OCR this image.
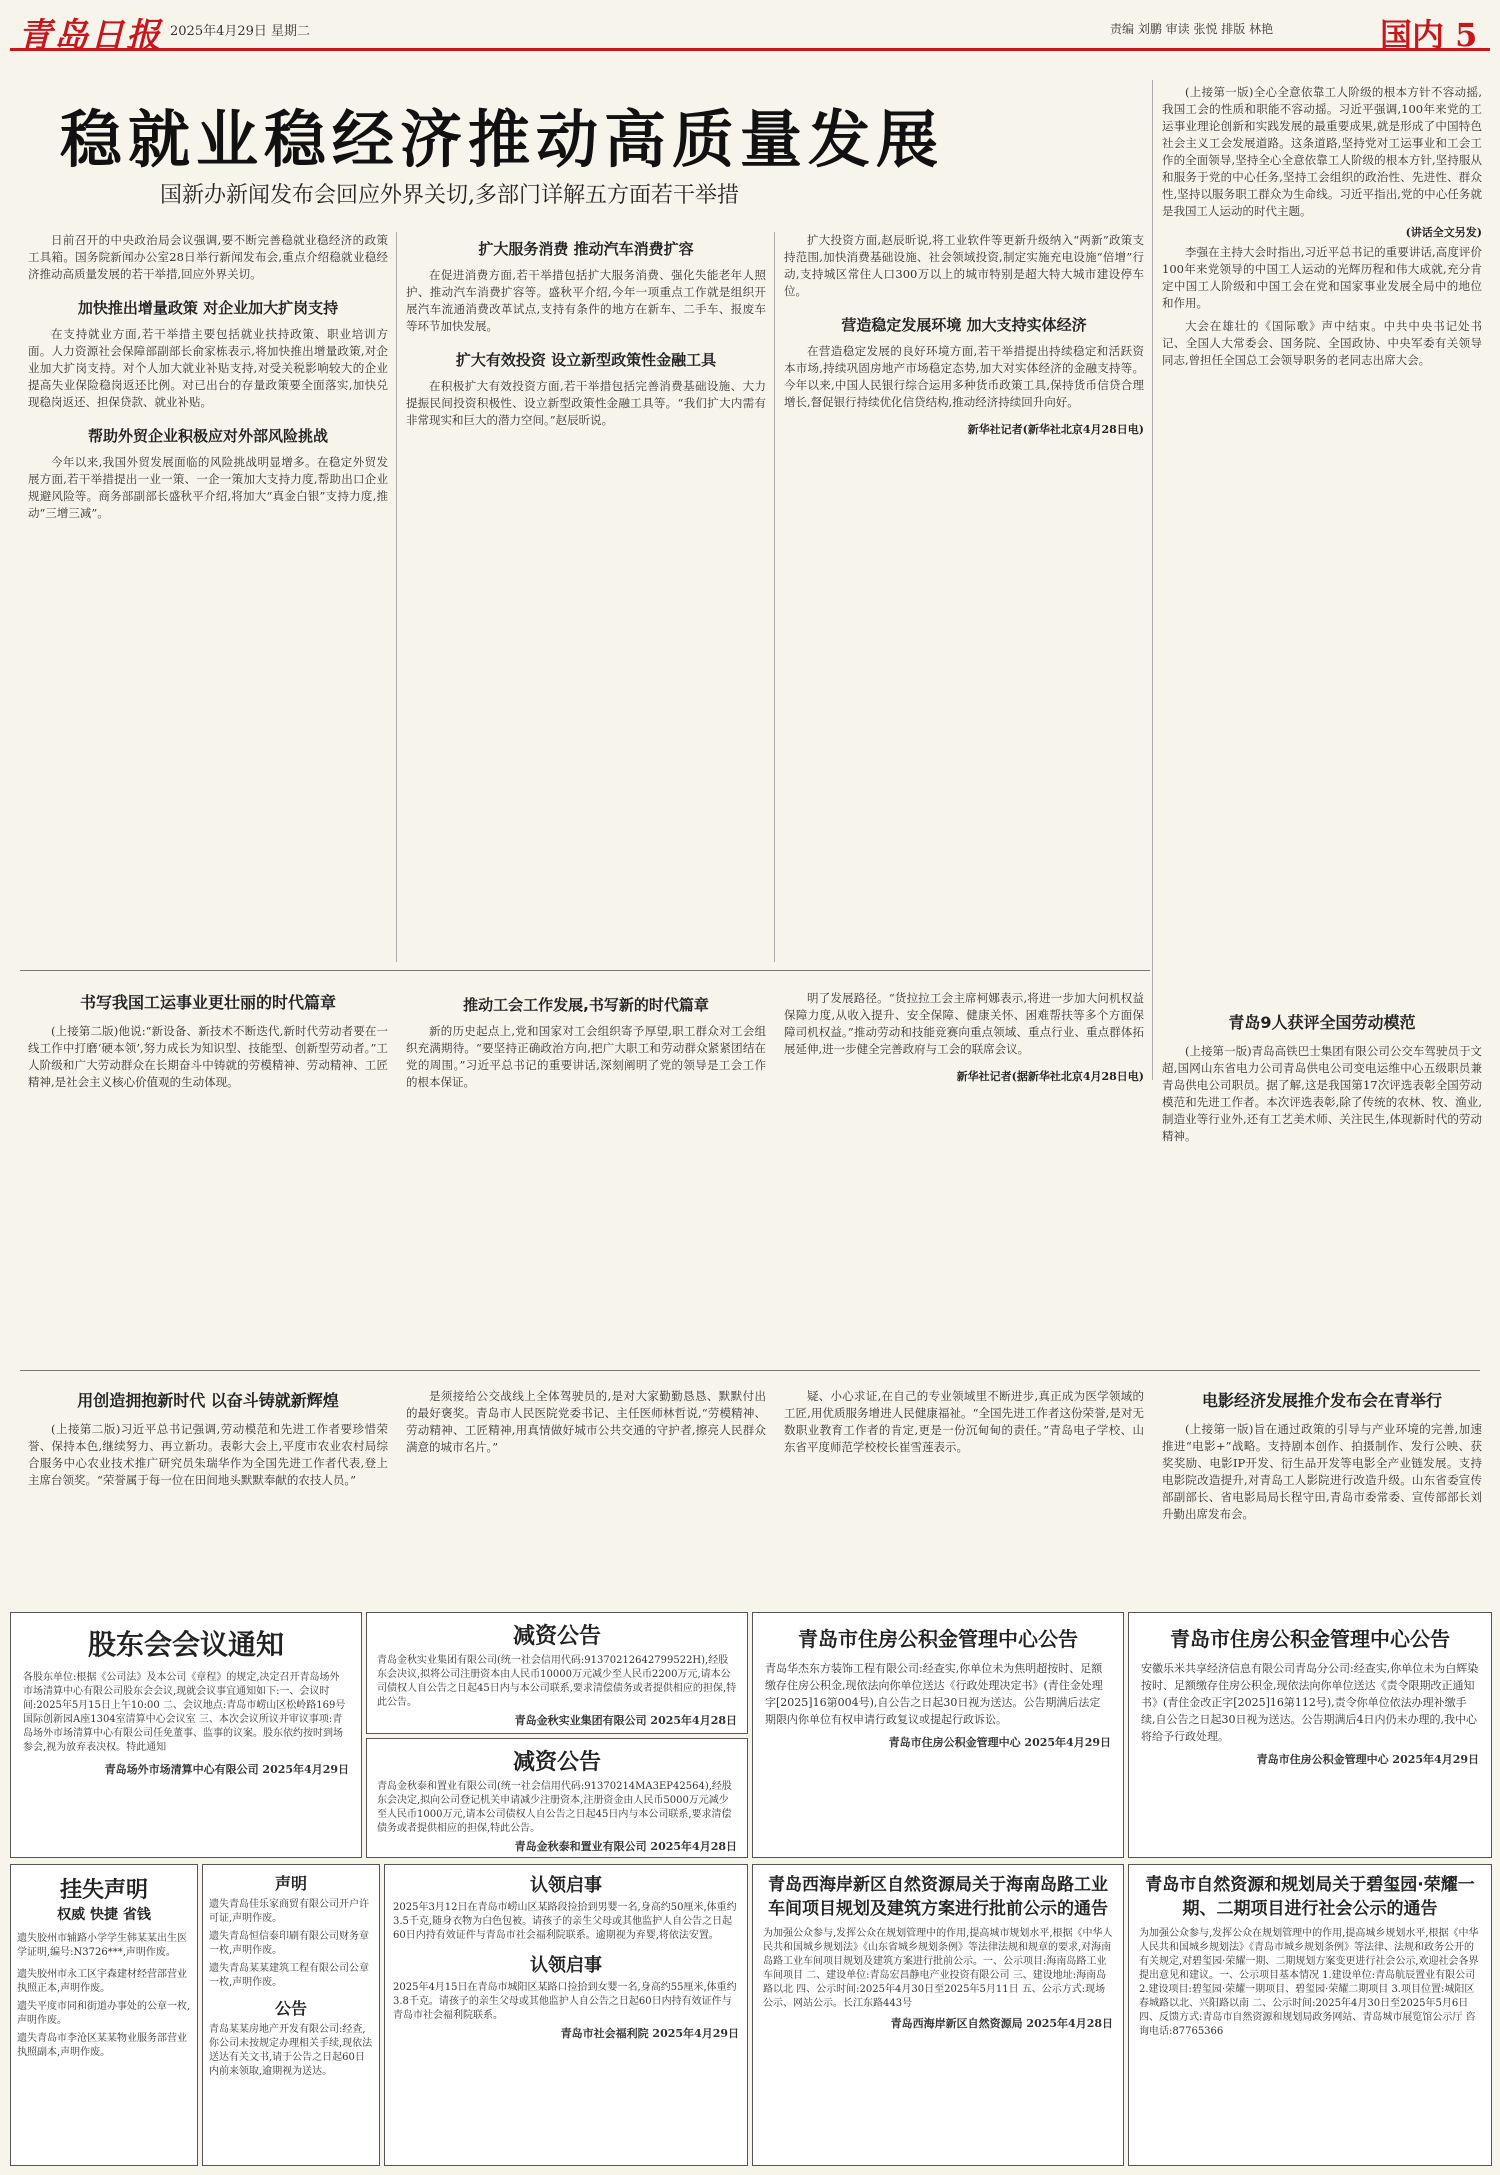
青岛日报 2025年4月29日 星期二	责编 刘鹏 审读 张悦 排版 林艳	国内 5
稳就业稳经济推动高质量发展
国新办新闻发布会回应外界关切,多部门详解五方面若干举措

日前召开的中央政治局会议强调,要不断完善稳就业稳经济的政策工具箱。国务院新闻办公室28日举行新闻发布会,重点介绍稳就业稳经济推动高质量发展的若干举措,回应外界关切。

加快推出增量政策 对企业加大扩岗支持

在支持就业方面,若干举措主要包括就业扶持政策、职业培训方面。人力资源社会保障部副部长俞家栋表示,将加快推出增量政策,对企业加大扩岗支持。对个人加大就业补贴支持,对受关税影响较大的企业提高失业保险稳岗返还比例。对已出台的存量政策要全面落实,加快兑现稳岗返还、担保贷款、就业补贴。

帮助外贸企业积极应对外部风险挑战

今年以来,我国外贸发展面临的风险挑战明显增多。在稳定外贸发展方面,若干举措提出一业一策、一企一策加大支持力度,帮助出口企业规避风险等。商务部副部长盛秋平介绍,将加大“真金白银”支持力度,推动“三增三减”。

扩大服务消费 推动汽车消费扩容

在促进消费方面,若干举措包括扩大服务消费、强化失能老年人照护、推动汽车消费扩容等。盛秋平介绍,今年一项重点工作就是组织开展汽车流通消费改革试点,支持有条件的地方在新车、二手车、报废车等环节加快发展。

扩大有效投资 设立新型政策性金融工具

在积极扩大有效投资方面,若干举措包括完善消费基础设施、大力提振民间投资积极性、设立新型政策性金融工具等。“我们扩大内需有非常现实和巨大的潜力空间。”赵辰昕说。

扩大投资方面,赵辰昕说,将工业软件等更新升级纳入“两新”政策支持范围,加快消费基础设施、社会领域投资,制定实施充电设施“倍增”行动,支持城区常住人口300万以上的城市特别是超大特大城市建设停车位。

营造稳定发展环境 加大支持实体经济

在营造稳定发展的良好环境方面,若干举措提出持续稳定和活跃资本市场,持续巩固房地产市场稳定态势,加大对实体经济的金融支持等。今年以来,中国人民银行综合运用多种货币政策工具,保持货币信贷合理增长,督促银行持续优化信贷结构,推动经济持续回升向好。

新华社记者(新华社北京4月28日电)

(上接第一版)全心全意依靠工人阶级的根本方针不容动摇,我国工会的性质和职能不容动摇。习近平强调,100年来党的工运事业理论创新和实践发展的最重要成果,就是形成了中国特色社会主义工会发展道路。这条道路,坚持党对工运事业和工会工作的全面领导,坚持全心全意依靠工人阶级的根本方针,坚持服从和服务于党的中心任务,坚持工会组织的政治性、先进性、群众性,坚持以服务职工群众为生命线。习近平指出,党的中心任务就是我国工人运动的时代主题。

(讲话全文另发)

李强在主持大会时指出,习近平总书记的重要讲话,高度评价100年来党领导的中国工人运动的光辉历程和伟大成就,充分肯定中国工人阶级和中国工会在党和国家事业发展全局中的地位和作用。

大会在雄壮的《国际歌》声中结束。中共中央书记处书记、全国人大常委会、国务院、全国政协、中央军委有关领导同志,曾担任全国总工会领导职务的老同志出席大会。

书写我国工运事业更壮丽的时代篇章

(上接第二版)他说:“新设备、新技术不断迭代,新时代劳动者要在一线工作中打磨‘硬本领’,努力成长为知识型、技能型、创新型劳动者。”工人阶级和广大劳动群众在长期奋斗中铸就的劳模精神、劳动精神、工匠精神,是社会主义核心价值观的生动体现。

推动工会工作发展,书写新的时代篇章

新的历史起点上,党和国家对工会组织寄予厚望,职工群众对工会组织充满期待。“要坚持正确政治方向,把广大职工和劳动群众紧紧团结在党的周围。”习近平总书记的重要讲话,深刻阐明了党的领导是工会工作的根本保证。

明了发展路径。“货拉拉工会主席柯娜表示,将进一步加大问机权益保障力度,从收入提升、安全保障、健康关怀、困难帮扶等多个方面保障司机权益。”推动劳动和技能竞赛向重点领域、重点行业、重点群体拓展延伸,进一步健全完善政府与工会的联席会议。

新华社记者(据新华社北京4月28日电)
青岛9人获评全国劳动模范

(上接第一版)青岛高铁巴士集团有限公司公交车驾驶员于文超,国网山东省电力公司青岛供电公司变电运维中心五级职员兼青岛供电公司职员。据了解,这是我国第17次评选表彰全国劳动模范和先进工作者。本次评选表彰,除了传统的农林、牧、渔业,制造业等行业外,还有工艺美术师、关注民生,体现新时代的劳动精神。

用创造拥抱新时代 以奋斗铸就新辉煌

(上接第二版)习近平总书记强调,劳动模范和先进工作者要珍惜荣誉、保持本色,继续努力、再立新功。表彰大会上,平度市农业农村局综合服务中心农业技术推广研究员朱瑞华作为全国先进工作者代表,登上主席台领奖。“荣誉属于每一位在田间地头默默奉献的农技人员。”

是须接给公交战线上全体驾驶员的,是对大家勤勤恳恳、默默付出的最好褒奖。青岛市人民医院党委书记、主任医师林哲说,“劳模精神、劳动精神、工匠精神,用真情做好城市公共交通的守护者,擦亮人民群众满意的城市名片。”

疑、小心求证,在自己的专业领域里不断进步,真正成为医学领域的工匠,用优质服务增进人民健康福祉。“全国先进工作者这份荣誉,是对无数职业教育工作者的肯定,更是一份沉甸甸的责任。”青岛电子学校、山东省平度师范学校校长崔雪莲表示。

电影经济发展推介发布会在青举行

(上接第一版)旨在通过政策的引导与产业环境的完善,加速推进“电影+”战略。支持剧本创作、拍摄制作、发行公映、获奖奖励、电影IP开发、衍生品开发等电影全产业链发展。支持电影院改造提升,对青岛工人影院进行改造升级。山东省委宣传部副部长、省电影局局长程守田,青岛市委常委、宣传部部长刘升勤出席发布会。

股东会会议通知
各股东单位:根据《公司法》及本公司《章程》的规定,决定召开青岛场外市场清算中心有限公司股东会会议,现就会议事宜通知如下:一、会议时间:2025年5月15日上午10:00 二、会议地点:青岛市崂山区松岭路169号国际创新园A座1304室清算中心会议室 三、本次会议所议并审议事项:青岛场外市场清算中心有限公司任免董事、监事的议案。股东依约按时到场参会,视为放弃表决权。特此通知
青岛场外市场清算中心有限公司 2025年4月29日
减资公告
青岛金秋实业集团有限公司(统一社会信用代码:91370212642799522H),经股东会决议,拟将公司注册资本由人民币10000万元减少至人民币2200万元,请本公司债权人自公告之日起45日内与本公司联系,要求清偿债务或者提供相应的担保,特此公告。
青岛金秋实业集团有限公司 2025年4月28日
减资公告
青岛金秋泰和置业有限公司(统一社会信用代码:91370214MA3EP42564),经股东会决定,拟向公司登记机关申请减少注册资本,注册资金由人民币5000万元减少至人民币1000万元,请本公司债权人自公告之日起45日内与本公司联系,要求清偿债务或者提供相应的担保,特此公告。
青岛金秋泰和置业有限公司 2025年4月28日
青岛市住房公积金管理中心公告
青岛华杰东方装饰工程有限公司:经查实,你单位未为焦明超按时、足额缴存住房公积金,现依法向你单位送达《行政处理决定书》(青住金处理字[2025]16第004号),自公告之日起30日视为送达。公告期满后法定期限内你单位有权申请行政复议或提起行政诉讼。
青岛市住房公积金管理中心 2025年4月29日
青岛市住房公积金管理中心公告
安徽乐米共享经济信息有限公司青岛分公司:经查实,你单位未为白辉染按时、足额缴存住房公积金,现依法向你单位送达《责令限期改正通知书》(青住金改正字[2025]16第112号),责令你单位依法办理补缴手续,自公告之日起30日视为送达。公告期满后4日内仍未办理的,我中心将给予行政处理。
青岛市住房公积金管理中心 2025年4月29日
挂失声明
权威 快捷 省钱
遗失胶州市辅路小学学生韩某某出生医学证明,编号:N3726***,声明作废。
遗失胶州市永工区宇森建材经营部营业执照正本,声明作废。
遗失平度市同和街道办事处的公章一枚,声明作废。
遗失青岛市李沧区某某物业服务部营业执照副本,声明作废。
声明
遗失青岛佳乐家商贸有限公司开户许可证,声明作废。
遗失青岛恒信泰印刷有限公司财务章一枚,声明作废。
遗失青岛某某建筑工程有限公司公章一枚,声明作废。
公告
青岛某某房地产开发有限公司:经查,你公司未按规定办理相关手续,现依法送达有关文书,请于公告之日起60日内前来领取,逾期视为送达。
认领启事
2025年3月12日在青岛市崂山区某路段捡拾到男婴一名,身高约50厘米,体重约3.5千克,随身衣物为白色包被。请孩子的亲生父母或其他监护人自公告之日起60日内持有效证件与青岛市社会福利院联系。逾期视为弃婴,将依法安置。
认领启事
2025年4月15日在青岛市城阳区某路口捡拾到女婴一名,身高约55厘米,体重约3.8千克。请孩子的亲生父母或其他监护人自公告之日起60日内持有效证件与青岛市社会福利院联系。
青岛市社会福利院 2025年4月29日
青岛西海岸新区自然资源局关于海南岛路工业车间项目规划及建筑方案进行批前公示的通告
为加强公众参与,发挥公众在规划管理中的作用,提高城市规划水平,根据《中华人民共和国城乡规划法》《山东省城乡规划条例》等法律法规和规章的要求,对海南岛路工业车间项目规划及建筑方案进行批前公示。一、公示项目:海南岛路工业车间项目 二、建设单位:青岛宏昌静电产业投资有限公司 三、建设地址:海南岛路以北 四、公示时间:2025年4月30日至2025年5月11日 五、公示方式:现场公示、网站公示。长江东路443号
青岛西海岸新区自然资源局 2025年4月28日
青岛市自然资源和规划局关于碧玺园·荣耀一期、二期项目进行社会公示的通告
为加强公众参与,发挥公众在规划管理中的作用,提高城乡规划水平,根据《中华人民共和国城乡规划法》《青岛市城乡规划条例》等法律、法规和政务公开的有关规定,对碧玺园·荣耀一期、二期规划方案变更进行社会公示,欢迎社会各界提出意见和建议。一、公示项目基本情况 1.建设单位:青岛航辰置业有限公司 2.建设项目:碧玺园·荣耀一期项目、碧玺园·荣耀二期项目 3.项目位置:城阳区春城路以北、兴阳路以南 二、公示时间:2025年4月30日至2025年5月6日 四、反馈方式:青岛市自然资源和规划局政务网站、青岛城市展览馆公示厅 咨询电话:87765366
